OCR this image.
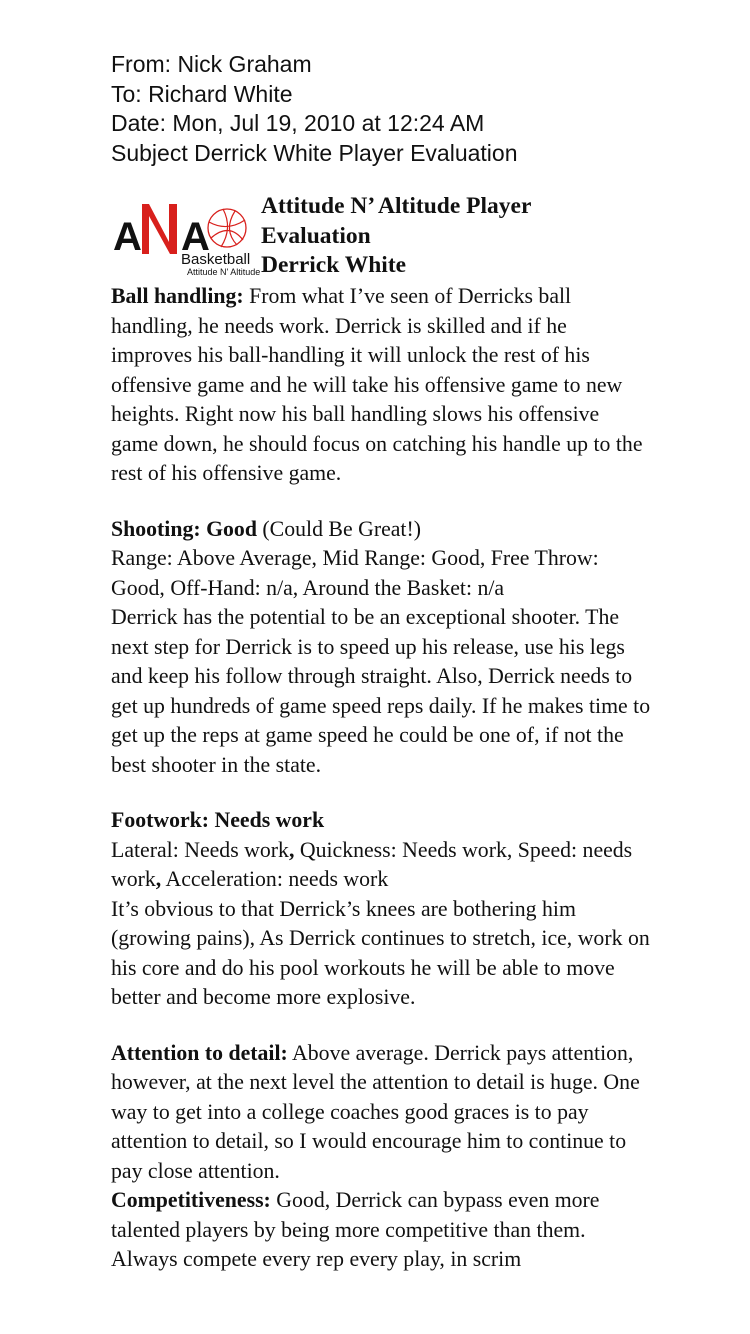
From: Nick Graham
To: Richard White
Date: Mon, Jul 19, 2010 at 12:24 AM
Subject Derrick White Player Evaluation
A A
Basketball
Attitude N' Altitude
Attitude N’ Altitude Player
Evaluation
Derrick White

Ball handling: From what I’ve seen of Derricks ball handling, he needs work. Derrick is skilled and if he improves his ball-handling it will unlock the rest of his offensive game and he will take his offensive game to new heights. Right now his ball handling slows his offensive game down, he should focus on catching his handle up to the rest of his offensive game.

Shooting: Good (Could Be Great!)

Range: Above Average, Mid Range: Good, Free Throw: Good, Off-Hand: n/a, Around the Basket: n/a

Derrick has the potential to be an exceptional shooter. The next step for Derrick is to speed up his release, use his legs and keep his follow through straight. Also, Derrick needs to get up hundreds of game speed reps daily. If he makes time to get up the reps at game speed he could be one of, if not the best shooter in the state.

Footwork: Needs work

Lateral: Needs work, Quickness: Needs work, Speed: needs work, Acceleration: needs work

It’s obvious to that Derrick’s knees are bothering him (growing pains), As Derrick continues to stretch, ice, work on his core and do his pool workouts he will be able to move better and become more explosive.

Attention to detail: Above average. Derrick pays attention, however, at the next level the attention to detail is huge. One way to get into a college coaches good graces is to pay attention to detail, so I would encourage him to continue to pay close attention.

Competitiveness: Good, Derrick can bypass even more talented players by being more competitive than them. Always compete every rep every play, in scrim
